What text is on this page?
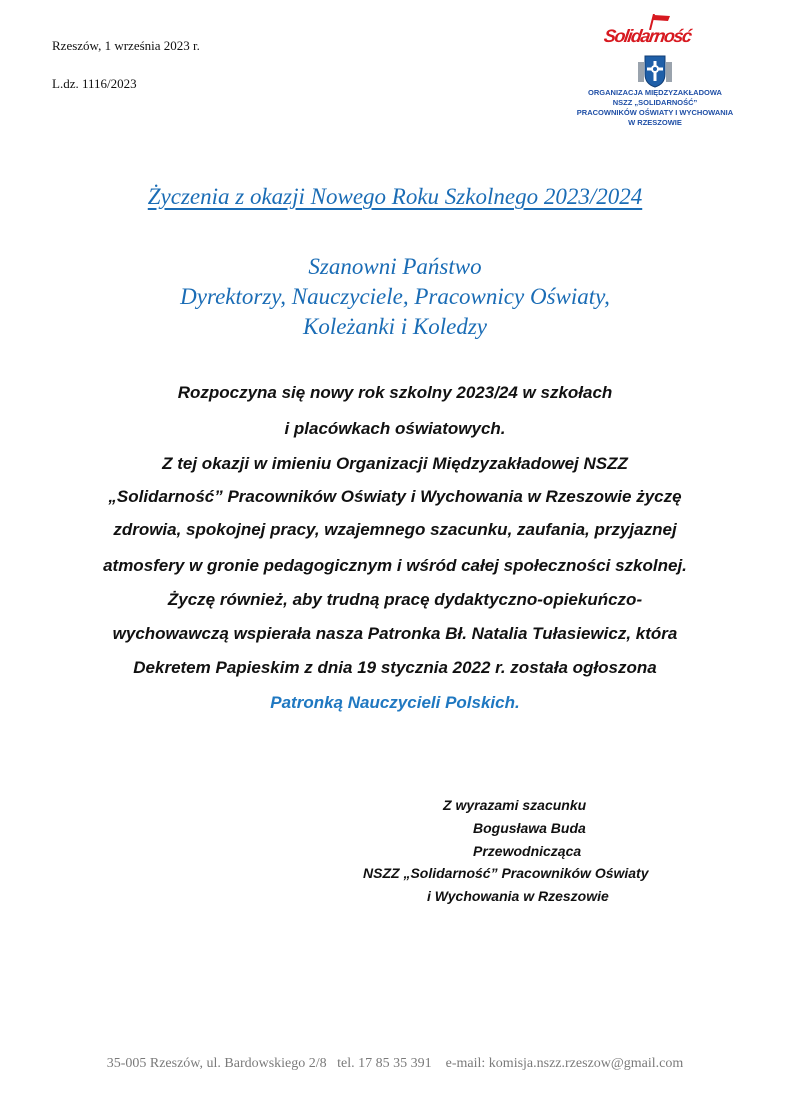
Rzeszów, 1 września 2023 r.
L.dz. 1116/2023
Solidarność
ORGANIZACJA MIĘDZYZAKŁADOWA
NSZZ „SOLIDARNOŚĆ”
PRACOWNIKÓW OŚWIATY I WYCHOWANIA
W RZESZOWIE
Życzenia z okazji Nowego Roku Szkolnego 2023/2024
Szanowni Państwo
Dyrektorzy, Nauczyciele, Pracownicy Oświaty,
Koleżanki i Koledzy
Rozpoczyna się nowy rok szkolny 2023/24 w szkołach
i placówkach oświatowych.
Z tej okazji w imieniu Organizacji Międzyzakładowej NSZZ
„Solidarność” Pracowników Oświaty i Wychowania w Rzeszowie życzę
zdrowia, spokojnej pracy, wzajemnego szacunku, zaufania, przyjaznej
atmosfery w gronie pedagogicznym i wśród całej społeczności szkolnej.
Życzę również, aby trudną pracę dydaktyczno-opiekuńczo-
wychowawczą wspierała nasza Patronka Bł. Natalia Tułasiewicz, która
Dekretem Papieskim z dnia 19 stycznia 2022 r. została ogłoszona
Patronką Nauczycieli Polskich.
Z wyrazami szacunku
Bogusława Buda
Przewodnicząca
NSZZ „Solidarność” Pracowników Oświaty
i Wychowania w Rzeszowie
35-005 Rzeszów, ul. Bardowskiego 2/8   tel. 17 85 35 391    e-mail: komisja.nszz.rzeszow@gmail.com
